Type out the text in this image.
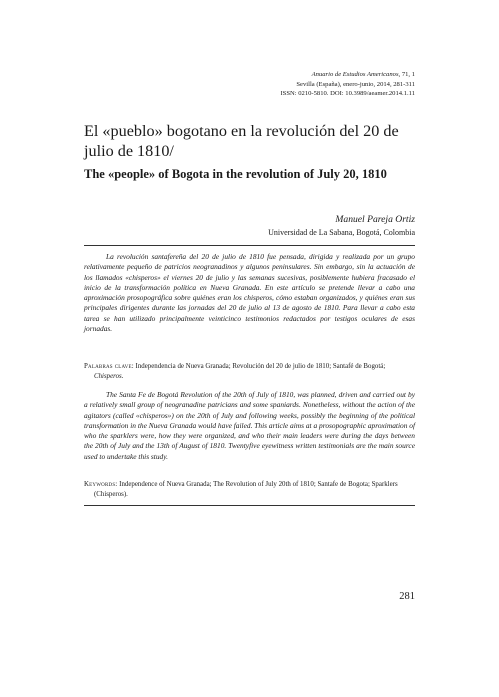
Anuario de Estudios Americanos, 71, 1
Sevilla (España), enero-junio, 2014, 281-311
ISSN: 0210-5810. DOI: 10.3989/aeamer.2014.1.11
El «pueblo» bogotano en la revolución del 20 de julio de 1810/
The «people» of Bogota in the revolution of July 20, 1810
Manuel Pareja Ortiz
Universidad de La Sabana, Bogotá, Colombia

La revolución santafereña del 20 de julio de 1810 fue pensada, dirigida y realizada por un grupo relativamente pequeño de patricios neogranadinos y algunos peninsulares. Sin embargo, sin la actuación de los llamados «chisperos» el viernes 20 de julio y las semanas sucesivas, posiblemente hubiera fracasado el inicio de la transformación política en Nueva Granada. En este artículo se pretende llevar a cabo una aproximación prosopográfica sobre quiénes eran los chisperos, cómo estaban organizados, y quiénes eran sus principales dirigentes durante las jornadas del 20 de julio al 13 de agosto de 1810. Para llevar a cabo esta tarea se han utilizado principalmente veinticinco testimonios redactados por testigos oculares de esas jornadas.

Palabras clave: Independencia de Nueva Granada; Revolución del 20 de julio de 1810; Santafé de Bogotá; Chisperos.

The Santa Fe de Bogotá Revolution of the 20th of July of 1810, was planned, driven and carried out by a relatively small group of neogranadine patricians and some spaniards. Nonetheless, without the action of the agitators (called «chisperos») on the 20th of July and following weeks, possibly the beginning of the political transformation in the Nueva Granada would have failed. This article aims at a prosopographic aproximation of who the sparklers were, how they were organized, and who their main leaders were during the days between the 20th of July and the 13th of August of 1810. Twentyfive eyewitness written testimonials are the main source used to undertake this study.

Keywords: Independence of Nueva Granada; The Revolution of July 20th of 1810; Santafe de Bogota; Sparklers (Chisperos).

281
